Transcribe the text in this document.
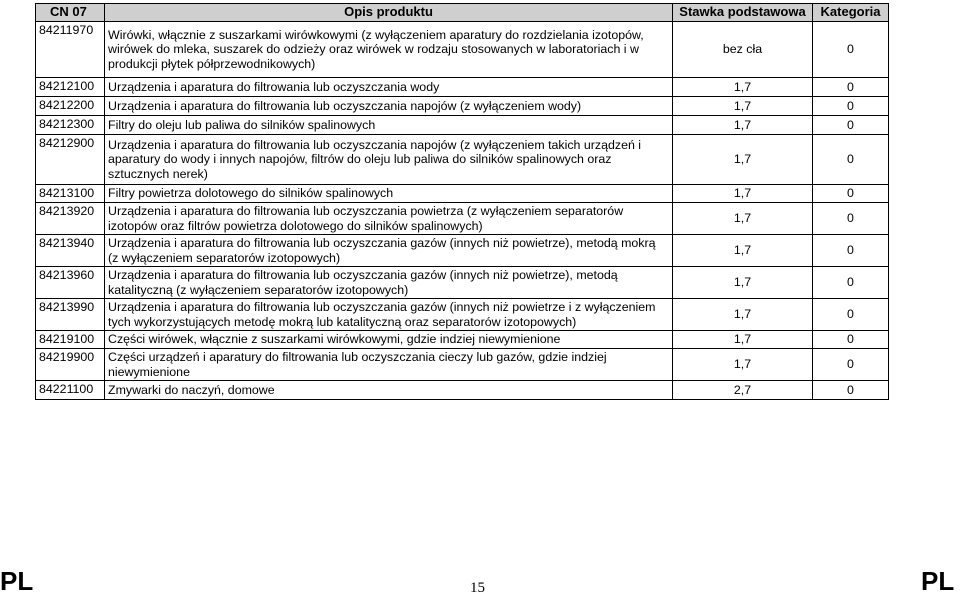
CN 07	Opis produktu	Stawka podstawowa	Kategoria
84211970	Wirówki, włącznie z suszarkami wirówkowymi (z wyłączeniem aparatury do rozdzielania izotopów, wirówek do mleka, suszarek do odzieży oraz wirówek w rodzaju stosowanych w laboratoriach i w produkcji płytek półprzewodnikowych)	bez cła	0
84212100	Urządzenia i aparatura do filtrowania lub oczyszczania wody	1,7	0
84212200	Urządzenia i aparatura do filtrowania lub oczyszczania napojów (z wyłączeniem wody)	1,7	0
84212300	Filtry do oleju lub paliwa do silników spalinowych	1,7	0
84212900	Urządzenia i aparatura do filtrowania lub oczyszczania napojów (z wyłączeniem takich urządzeń i aparatury do wody i innych napojów, filtrów do oleju lub paliwa do silników spalinowych oraz sztucznych nerek)	1,7	0
84213100	Filtry powietrza dolotowego do silników spalinowych	1,7	0
84213920	Urządzenia i aparatura do filtrowania lub oczyszczania powietrza (z wyłączeniem separatorów izotopów oraz filtrów powietrza dolotowego do silników spalinowych)	1,7	0
84213940	Urządzenia i aparatura do filtrowania lub oczyszczania gazów (innych niż powietrze), metodą mokrą (z wyłączeniem separatorów izotopowych)	1,7	0
84213960	Urządzenia i aparatura do filtrowania lub oczyszczania gazów (innych niż powietrze), metodą katalityczną (z wyłączeniem separatorów izotopowych)	1,7	0
84213990	Urządzenia i aparatura do filtrowania lub oczyszczania gazów (innych niż powietrze i z wyłączeniem tych wykorzystujących metodę mokrą lub katalityczną oraz separatorów izotopowych)	1,7	0
84219100	Części wirówek, włącznie z suszarkami wirówkowymi, gdzie indziej niewymienione	1,7	0
84219900	Części urządzeń i aparatury do filtrowania lub oczyszczania cieczy lub gazów, gdzie indziej niewymienione	1,7	0
84221100	Zmywarki do naczyń, domowe	2,7	0
PL	15	PL
